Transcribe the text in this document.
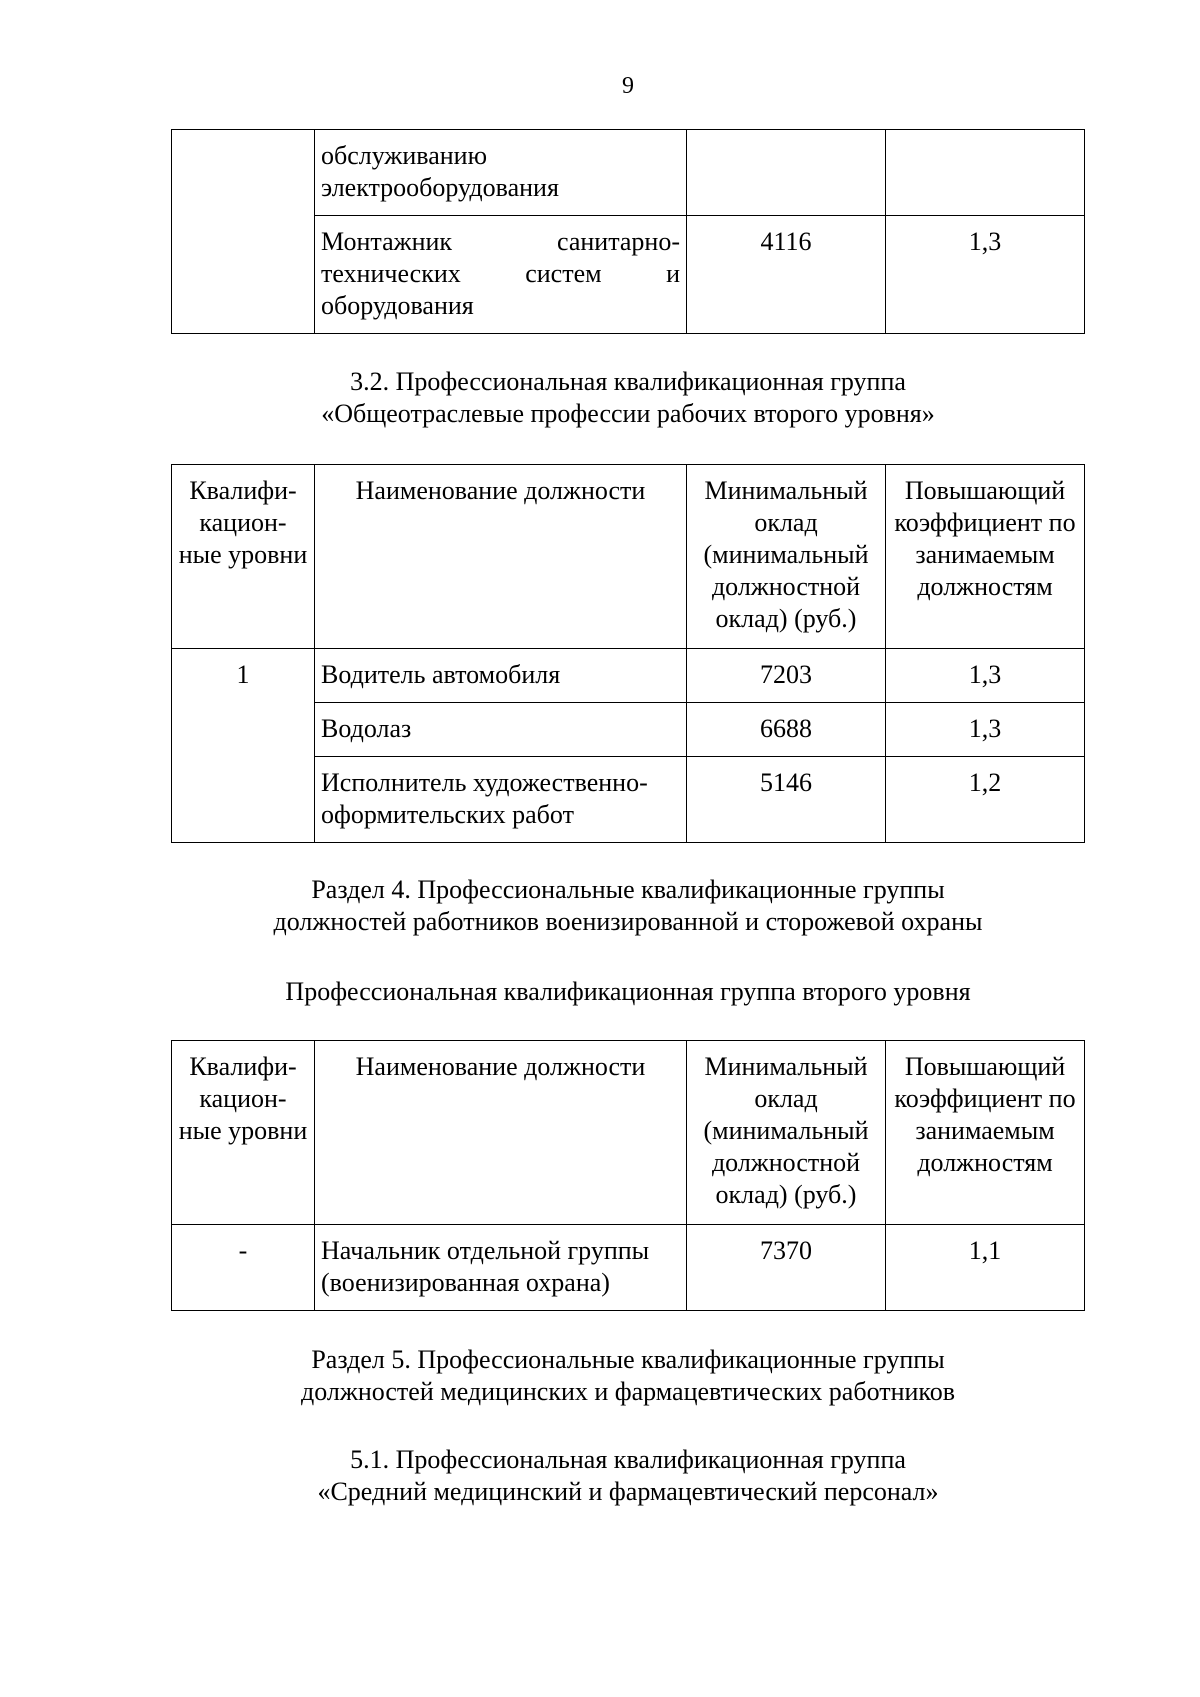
9
	обслуживанию электрооборудования		
	Монтажник санитарно-технических систем и оборудования	4116	1,3
3.2. Профессиональная квалификационная группа
«Общеотраслевые профессии рабочих второго уровня»
Квалифи-кацион-ные уровни	Наименование должности	Минимальный оклад (минимальный должностной оклад) (руб.)	Повышающий коэффициент по занимаемым должностям
1	Водитель автомобиля	7203	1,3
	Водолаз	6688	1,3
	Исполнитель художественно-оформительских работ	5146	1,2
Раздел 4. Профессиональные квалификационные группы
должностей работников военизированной и сторожевой охраны
Профессиональная квалификационная группа второго уровня
Квалифи-кацион-ные уровни	Наименование должности	Минимальный оклад (минимальный должностной оклад) (руб.)	Повышающий коэффициент по занимаемым должностям
-	Начальник отдельной группы (военизированная охрана)	7370	1,1
Раздел 5. Профессиональные квалификационные группы
должностей медицинских и фармацевтических работников
5.1. Профессиональная квалификационная группа
«Средний медицинский и фармацевтический персонал»
